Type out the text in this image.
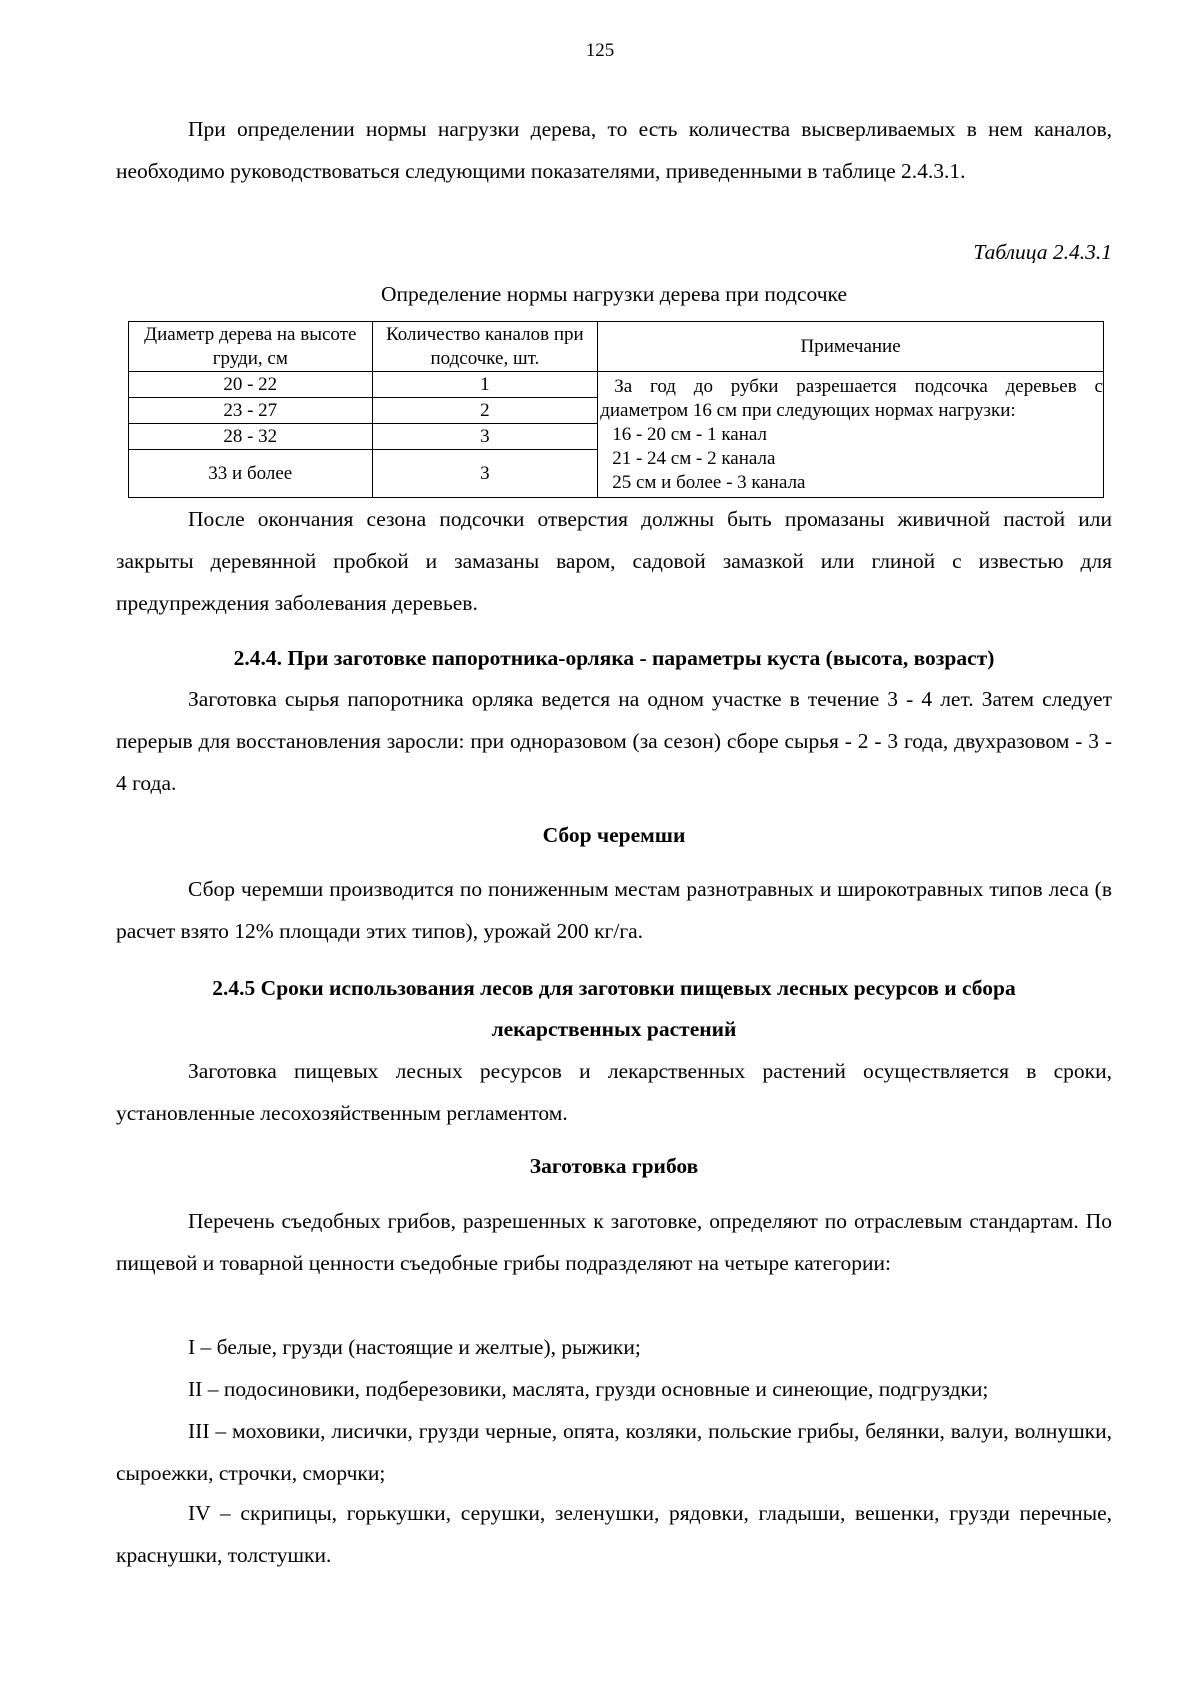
125

При определении нормы нагрузки дерева, то есть количества высверливаемых в нем каналов, необходимо руководствоваться следующими показателями, приведенными в таблице 2.4.3.1.

Таблица 2.4.3.1
Определение нормы нагрузки дерева при подсочке
Диаметр дерева на высоте груди, см	Количество каналов при подсочке, шт.	Примечание
20 - 22	1	За год до рубки разрешается подсочка деревьев с
диаметром 16 см при следующих нормах нагрузки:
16 - 20 см - 1 канал
21 - 24 см - 2 канала
25 см и более - 3 канала

23 - 27	2	
28 - 32	3	
33 и более	3	

После окончания сезона подсочки отверстия должны быть промазаны живичной пастой или закрыты деревянной пробкой и замазаны варом, садовой замазкой или глиной с известью для предупреждения заболевания деревьев.

2.4.4. При заготовке папоротника-орляка - параметры куста (высота, возраст)

Заготовка сырья папоротника орляка ведется на одном участке в течение 3 - 4 лет. Затем следует перерыв для восстановления заросли: при одноразовом (за сезон) сборе сырья - 2 - 3 года, двухразовом - 3 - 4 года.

Сбор черемши

Сбор черемши производится по пониженным местам разнотравных и широкотравных типов леса (в расчет взято 12% площади этих типов), урожай 200 кг/га.

2.4.5 Сроки использования лесов для заготовки пищевых лесных ресурсов и сбора
лекарственных растений

Заготовка пищевых лесных ресурсов и лекарственных растений осуществляется в сроки, установленные лесохозяйственным регламентом.

Заготовка грибов

Перечень съедобных грибов, разрешенных к заготовке, определяют по отраслевым стандартам. По пищевой и товарной ценности съедобные грибы подразделяют на четыре категории:

I – белые, грузди (настоящие и желтые), рыжики;

II – подосиновики, подберезовики, маслята, грузди основные и синеющие, подгруздки;

III – моховики, лисички, грузди черные, опята, козляки, польские грибы, белянки, валуи, волнушки, сыроежки, строчки, сморчки;

IV – скрипицы, горькушки, серушки, зеленушки, рядовки, гладыши, вешенки, грузди перечные, краснушки, толстушки.
